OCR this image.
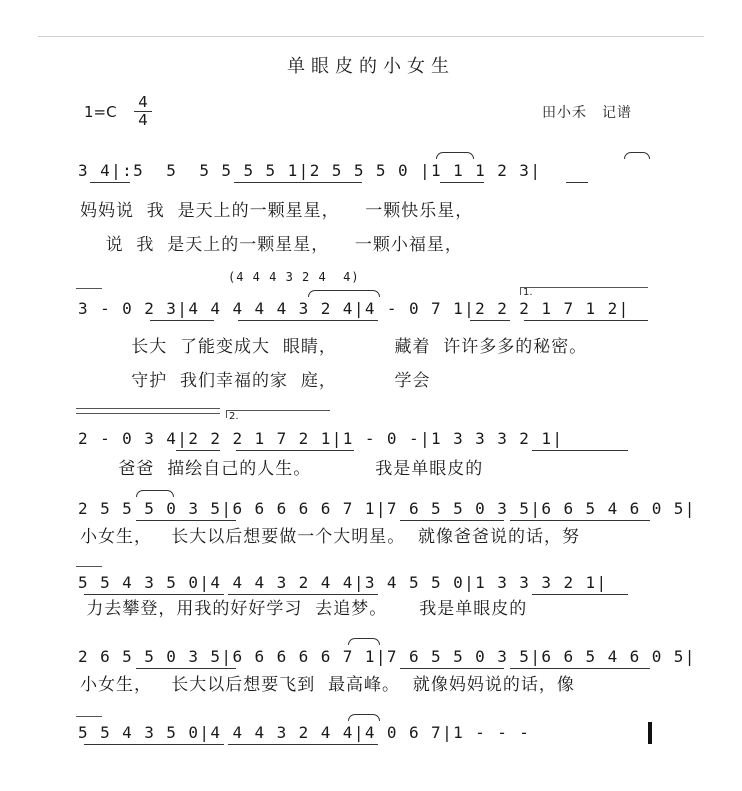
单眼皮的小女生
1=C
4
4	田小禾　记谱
3 4|:5  5  5 5 5 5 1|2 5 5 5 0 |1 1 1 2 3|
妈妈说  我  是天上的一颗星星，    一颗快乐星，
说  我  是天上的一颗星星，    一颗小福星，
(4 4 4 3 2 4  4)
1.
3 - 0 2 3|4 4 4 4 4 3 2 4|4 - 0 7 1|2 2 2 1 7 1 2|
长大  了能变成大  眼睛，         藏着  许许多多的秘密。
守护  我们幸福的家  庭，         学会
2.
2 - 0 3 4|2 2 2 1 7 2 1|1 - 0 -|1 3 3 3 2 1|
爸爸  描绘自己的人生。          我是单眼皮的
2 5 5 5 0 3 5|6 6 6 6 6 7 1|7 6 5 5 0 3 5|6 6 5 4 6 0 5|
小女生，   长大以后想要做一个大明星。  就像爸爸说的话，努
5 5 4 3 5 0|4 4 4 3 2 4 4|3 4 5 5 0|1 3 3 3 2 1|
力去攀登，用我的好好学习  去追梦。     我是单眼皮的
2 6 5 5 0 3 5|6 6 6 6 6 7 1|7 6 5 5 0 3 5|6 6 5 4 6 0 5|
小女生，   长大以后想要飞到  最高峰。  就像妈妈说的话，像
5 5 4 3 5 0|4 4 4 3 2 4 4|4 0 6 7|1 - - -
